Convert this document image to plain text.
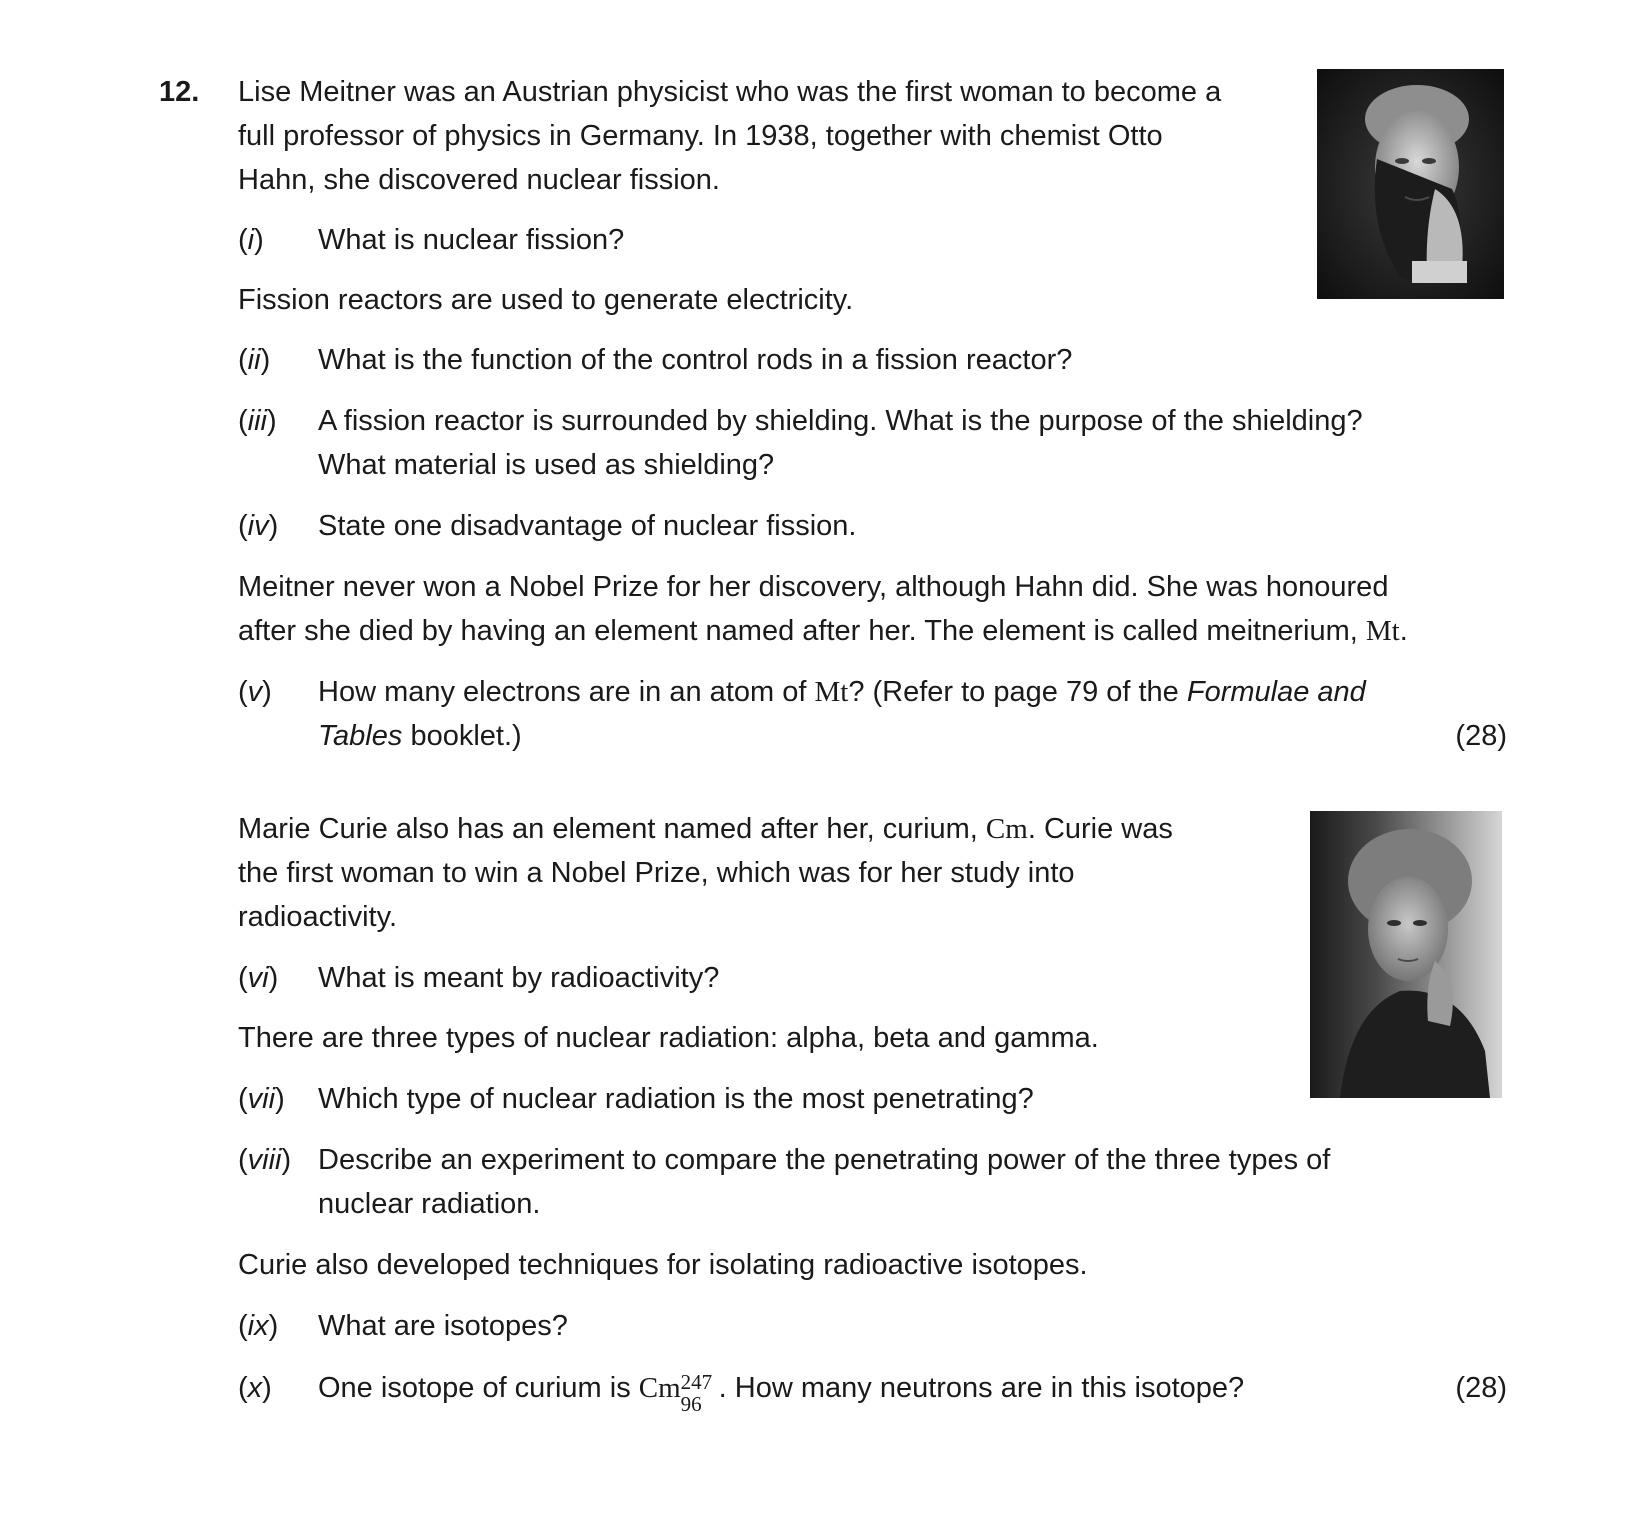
12. Lise Meitner was an Austrian physicist who was the first woman to become a
full professor of physics in Germany. In 1938, together with chemist Otto
Hahn, she discovered nuclear fission.
(i) What is nuclear fission?
Fission reactors are used to generate electricity.
(ii) What is the function of the control rods in a fission reactor?
(iii) A fission reactor is surrounded by shielding. What is the purpose of the shielding?
What material is used as shielding?
(iv) State one disadvantage of nuclear fission.
Meitner never won a Nobel Prize for her discovery, although Hahn did. She was honoured
after she died by having an element named after her. The element is called meitnerium, Mt.
(v) How many electrons are in an atom of Mt? (Refer to page 79 of the Formulae and
Tables booklet.)	(28)
Marie Curie also has an element named after her, curium, Cm. Curie was
the first woman to win a Nobel Prize, which was for her study into
radioactivity.
(vi) What is meant by radioactivity?
There are three types of nuclear radiation: alpha, beta and gamma.
(vii) Which type of nuclear radiation is the most penetrating?
(viii) Describe an experiment to compare the penetrating power of the three types of
nuclear radiation.
Curie also developed techniques for isolating radioactive isotopes.
(ix) What are isotopes?
(x) One isotope of curium is Cm 247
96 . How many neutrons are in this isotope?	(28)
